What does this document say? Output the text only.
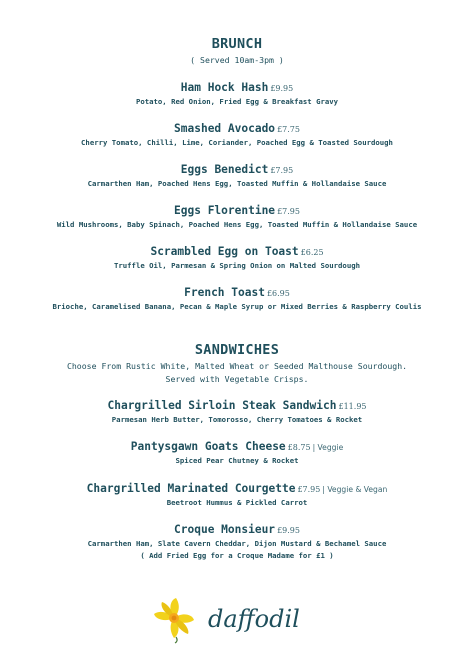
BRUNCH
( Served 10am-3pm )
Ham Hock Hash £9.95
Potato, Red Onion, Fried Egg & Breakfast Gravy
Smashed Avocado £7.75
Cherry Tomato, Chilli, Lime, Coriander, Poached Egg & Toasted Sourdough
Eggs Benedict £7.95
Carmarthen Ham, Poached Hens Egg, Toasted Muffin & Hollandaise Sauce
Eggs Florentine £7.95
Wild Mushrooms, Baby Spinach, Poached Hens Egg, Toasted Muffin & Hollandaise Sauce
Scrambled Egg on Toast £6.25
Truffle Oil, Parmesan & Spring Onion on Malted Sourdough
French Toast £6.95
Brioche, Caramelised Banana, Pecan & Maple Syrup or Mixed Berries & Raspberry Coulis
SANDWICHES
Choose From Rustic White, Malted Wheat or Seeded Malthouse Sourdough.
Served with Vegetable Crisps.
Chargrilled Sirloin Steak Sandwich £11.95
Parmesan Herb Butter, Tomorosso, Cherry Tomatoes & Rocket
Pantysgawn Goats Cheese £8.75 | Veggie
Spiced Pear Chutney & Rocket
Chargrilled Marinated Courgette £7.95 | Veggie & Vegan
Beetroot Hummus & Pickled Carrot
Croque Monsieur £9.95
Carmarthen Ham, Slate Cavern Cheddar, Dijon Mustard & Bechamel Sauce
( Add Fried Egg for a Croque Madame for £1 )
daffodil
